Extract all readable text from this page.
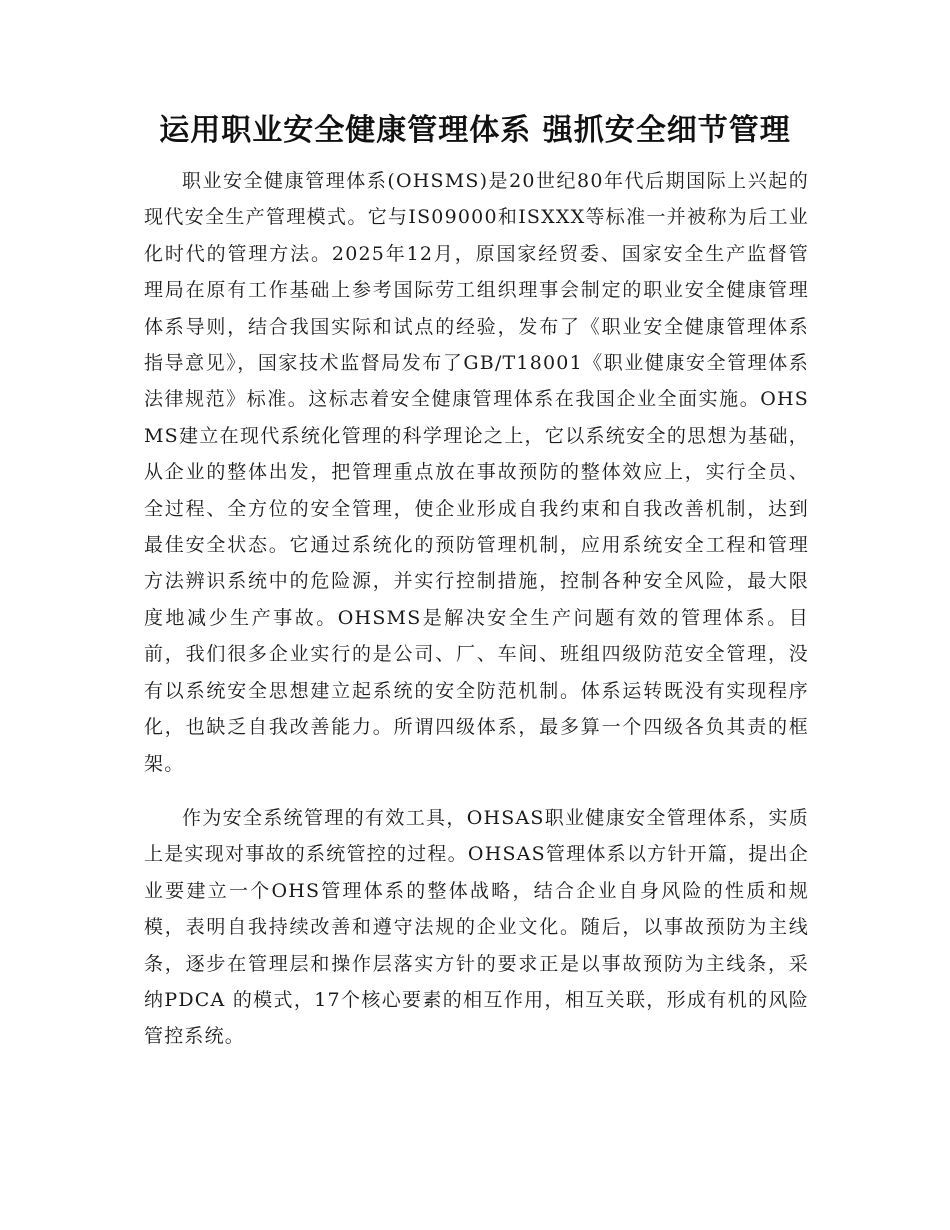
运用职业安全健康管理体系 强抓安全细节管理

职业安全健康管理体系(OHSMS)是20世纪80年代后期国际上兴起的现代安全生产管理模式。它与IS09000和ISXXX等标准一并被称为后工业化时代的管理方法。2025年12月，原国家经贸委、国家安全生产监督管理局在原有工作基础上参考国际劳工组织理事会制定的职业安全健康管理体系导则，结合我国实际和试点的经验，发布了《职业安全健康管理体系指导意见》，国家技术监督局发布了GB/T18001《职业健康安全管理体系法律规范》标准。这标志着安全健康管理体系在我国企业全面实施。OHSMS建立在现代系统化管理的科学理论之上，它以系统安全的思想为基础，从企业的整体出发，把管理重点放在事故预防的整体效应上，实行全员、全过程、全方位的安全管理，使企业形成自我约束和自我改善机制，达到最佳安全状态。它通过系统化的预防管理机制，应用系统安全工程和管理方法辨识系统中的危险源，并实行控制措施，控制各种安全风险，最大限度地减少生产事故。OHSMS是解决安全生产问题有效的管理体系。目前，我们很多企业实行的是公司、厂、车间、班组四级防范安全管理，没有以系统安全思想建立起系统的安全防范机制。体系运转既没有实现程序化，也缺乏自我改善能力。所谓四级体系，最多算一个四级各负其责的框架。

作为安全系统管理的有效工具，OHSAS职业健康安全管理体系，实质上是实现对事故的系统管控的过程。OHSAS管理体系以方针开篇，提出企业要建立一个OHS管理体系的整体战略，结合企业自身风险的性质和规模，表明自我持续改善和遵守法规的企业文化。随后，以事故预防为主线条，逐步在管理层和操作层落实方针的要求正是以事故预防为主线条，采纳PDCA 的模式，17个核心要素的相互作用，相互关联，形成有机的风险管控系统。
